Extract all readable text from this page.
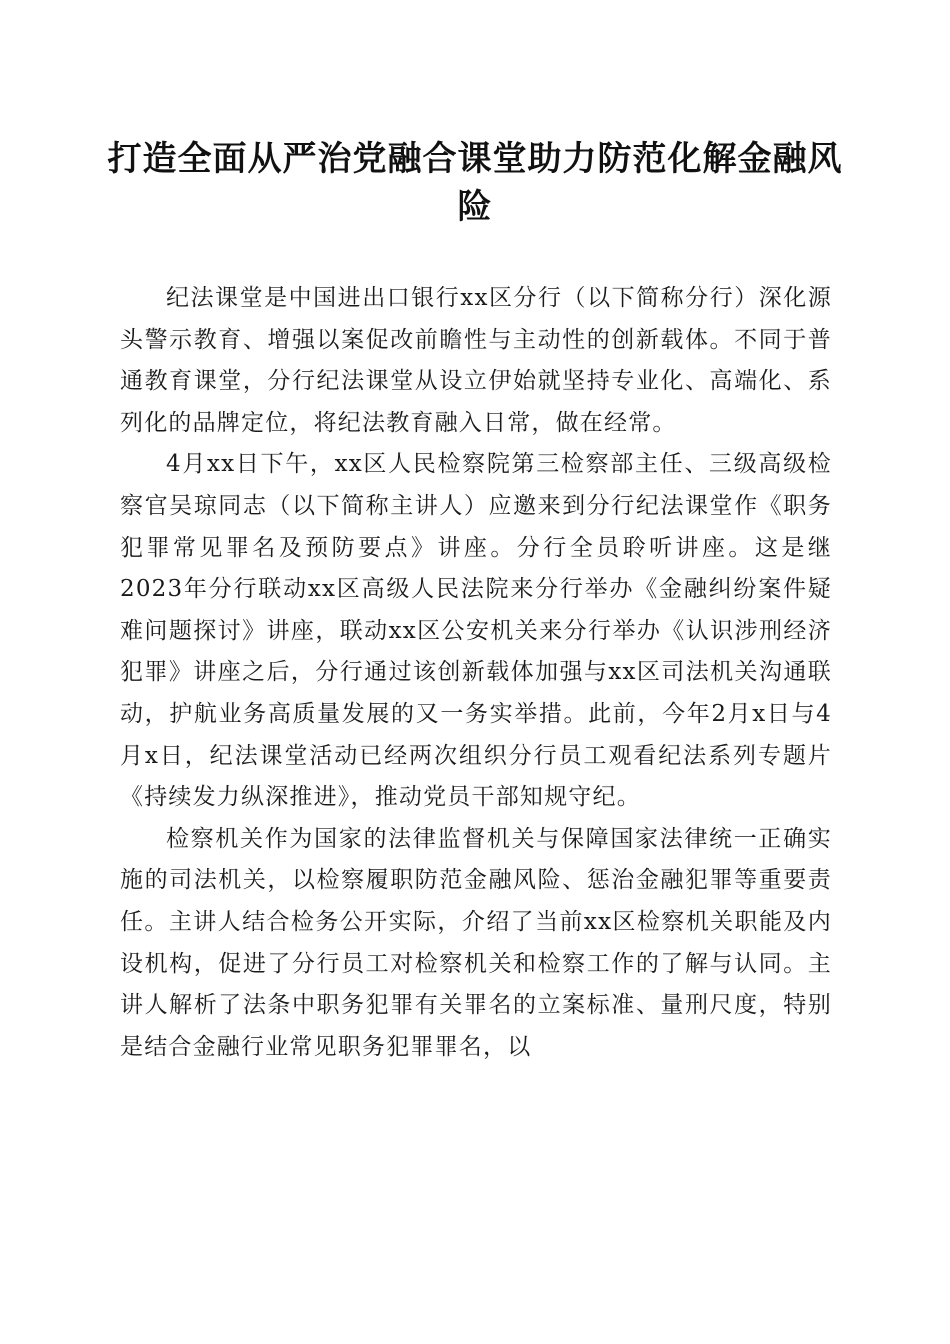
打造全面从严治党融合课堂助力防范化解金融风险

纪法课堂是中国进出口银行xx区分行（以下简称分行）深化源头警示教育、增强以案促改前瞻性与主动性的创新载体。不同于普通教育课堂，分行纪法课堂从设立伊始就坚持专业化、高端化、系列化的品牌定位，将纪法教育融入日常，做在经常。

4月xx日下午，xx区人民检察院第三检察部主任、三级高级检察官吴琼同志（以下简称主讲人）应邀来到分行纪法课堂作《职务犯罪常见罪名及预防要点》讲座。分行全员聆听讲座。这是继2023年分行联动xx区高级人民法院来分行举办《金融纠纷案件疑难问题探讨》讲座，联动xx区公安机关来分行举办《认识涉刑经济犯罪》讲座之后，分行通过该创新载体加强与xx区司法机关沟通联动，护航业务高质量发展的又一务实举措。此前，今年2月x日与4月x日，纪法课堂活动已经两次组织分行员工观看纪法系列专题片《持续发力纵深推进》，推动党员干部知规守纪。

检察机关作为国家的法律监督机关与保障国家法律统一正确实施的司法机关，以检察履职防范金融风险、惩治金融犯罪等重要责任。主讲人结合检务公开实际，介绍了当前xx区检察机关职能及内设机构，促进了分行员工对检察机关和检察工作的了解与认同。主讲人解析了法条中职务犯罪有关罪名的立案标准、量刑尺度，特别是结合金融行业常见职务犯罪罪名，以
